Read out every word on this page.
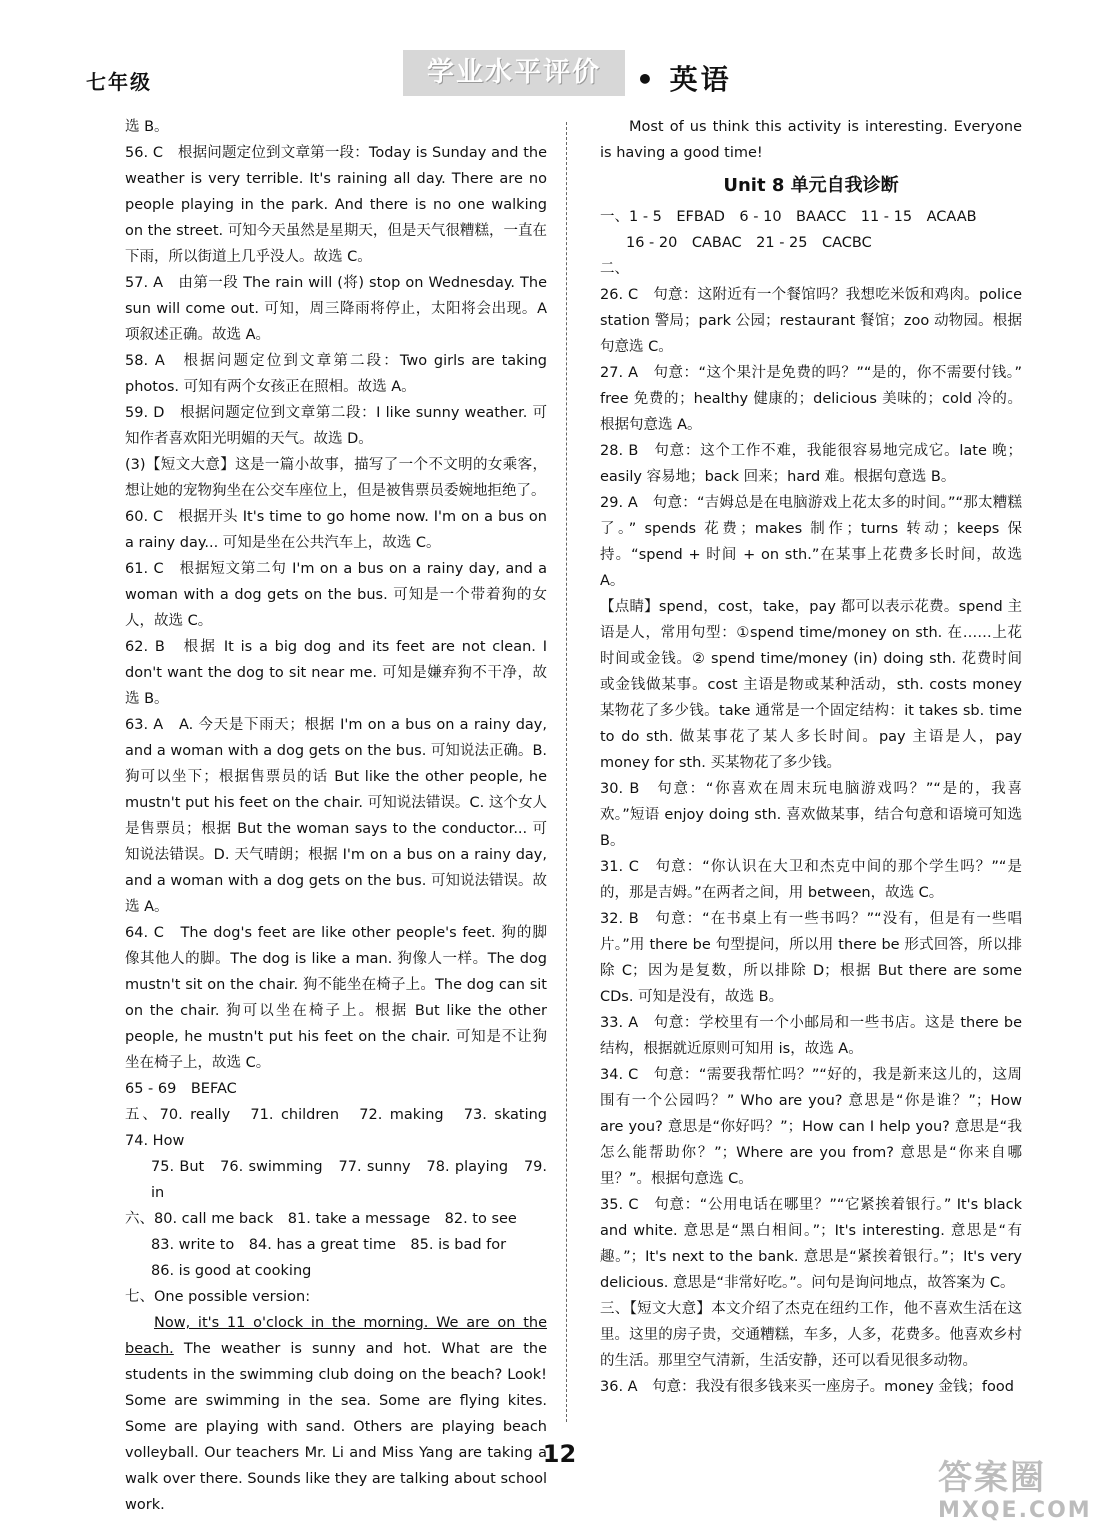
七年级	学业水平评价	• 英语

选 B。

56. C　根据问题定位到文章第一段：Today is Sunday and the weather is very terrible. It's raining all day. There are no people playing in the park. And there is no one walking on the street. 可知今天虽然是星期天，但是天气很糟糕，一直在下雨，所以街道上几乎没人。故选 C。

57. A　由第一段 The rain will (将) stop on Wednesday. The sun will come out. 可知，周三降雨将停止，太阳将会出现。A 项叙述正确。故选 A。

58. A　根据问题定位到文章第二段：Two girls are taking photos. 可知有两个女孩正在照相。故选 A。

59. D　根据问题定位到文章第二段：I like sunny weather. 可知作者喜欢阳光明媚的天气。故选 D。

(3)【短文大意】这是一篇小故事，描写了一个不文明的女乘客，想让她的宠物狗坐在公交车座位上，但是被售票员委婉地拒绝了。

60. C　根据开头 It's time to go home now. I'm on a bus on a rainy day... 可知是坐在公共汽车上，故选 C。

61. C　根据短文第二句 I'm on a bus on a rainy day, and a woman with a dog gets on the bus. 可知是一个带着狗的女人，故选 C。

62. B　根据 It is a big dog and its feet are not clean. I don't want the dog to sit near me. 可知是嫌弃狗不干净，故选 B。

63. A　A. 今天是下雨天；根据 I'm on a bus on a rainy day, and a woman with a dog gets on the bus. 可知说法正确。B. 狗可以坐下；根据售票员的话 But like the other people, he mustn't put his feet on the chair. 可知说法错误。C. 这个女人是售票员；根据 But the woman says to the conductor... 可知说法错误。D. 天气晴朗；根据 I'm on a bus on a rainy day, and a woman with a dog gets on the bus. 可知说法错误。故选 A。

64. C　The dog's feet are like other people's feet. 狗的脚像其他人的脚。The dog is like a man. 狗像人一样。The dog mustn't sit on the chair. 狗不能坐在椅子上。The dog can sit on the chair. 狗可以坐在椅子上。根据 But like the other people, he mustn't put his feet on the chair. 可知是不让狗坐在椅子上，故选 C。

65 - 69　BEFAC

五、70. really　71. children　72. making　73. skating　74. How

75. But　76. swimming　77. sunny　78. playing　79. in

六、80. call me back　81. take a message　82. to see

83. write to　84. has a great time　85. is bad for

86. is good at cooking

七、One possible version:

Now, it's 11 o'clock in the morning. We are on the beach. The weather is sunny and hot. What are the students in the swimming club doing on the beach? Look! Some are swimming in the sea. Some are flying kites. Some are playing with sand. Others are playing beach volleyball. Our teachers Mr. Li and Miss Yang are taking a walk over there. Sounds like they are talking about school work.

Most of us think this activity is interesting. Everyone is having a good time!

Unit 8 单元自我诊断

一、1 - 5　EFBAD　6 - 10　BAACC　11 - 15　ACAAB

16 - 20　CABAC　21 - 25　CACBC

二、

26. C　句意：这附近有一个餐馆吗？我想吃米饭和鸡肉。police station 警局；park 公园；restaurant 餐馆；zoo 动物园。根据句意选 C。

27. A　句意：“这个果汁是免费的吗？”“是的，你不需要付钱。” free 免费的；healthy 健康的；delicious 美味的；cold 冷的。根据句意选 A。

28. B　句意：这个工作不难，我能很容易地完成它。late 晚；easily 容易地；back 回来；hard 难。根据句意选 B。

29. A　句意：“吉姆总是在电脑游戏上花太多的时间。”“那太糟糕了。” spends 花费；makes 制作；turns 转动；keeps 保持。“spend + 时间 + on sth.”在某事上花费多长时间，故选 A。

【点睛】spend，cost，take，pay 都可以表示花费。spend 主语是人，常用句型：①spend time/money on sth. 在……上花时间或金钱。② spend time/money (in) doing sth. 花费时间或金钱做某事。cost 主语是物或某种活动，sth. costs money 某物花了多少钱。take 通常是一个固定结构：it takes sb. time to do sth. 做某事花了某人多长时间。pay 主语是人，pay money for sth. 买某物花了多少钱。

30. B　句意：“你喜欢在周末玩电脑游戏吗？”“是的，我喜欢。”短语 enjoy doing sth. 喜欢做某事，结合句意和语境可知选 B。

31. C　句意：“你认识在大卫和杰克中间的那个学生吗？”“是的，那是吉姆。”在两者之间，用 between，故选 C。

32. B　句意：“在书桌上有一些书吗？”“没有，但是有一些唱片。”用 there be 句型提问，所以用 there be 形式回答，所以排除 C；因为是复数，所以排除 D；根据 But there are some CDs. 可知是没有，故选 B。

33. A　句意：学校里有一个小邮局和一些书店。这是 there be 结构，根据就近原则可知用 is，故选 A。

34. C　句意：“需要我帮忙吗？”“好的，我是新来这儿的，这周围有一个公园吗？” Who are you? 意思是“你是谁？”；How are you? 意思是“你好吗？”；How can I help you? 意思是“我怎么能帮助你？”；Where are you from? 意思是“你来自哪里？”。根据句意选 C。

35. C　句意：“公用电话在哪里？”“它紧挨着银行。” It's black and white. 意思是“黑白相间。”；It's interesting. 意思是“有趣。”；It's next to the bank. 意思是“紧挨着银行。”；It's very delicious. 意思是“非常好吃。”。问句是询问地点，故答案为 C。

三、【短文大意】本文介绍了杰克在纽约工作，他不喜欢生活在这里。这里的房子贵，交通糟糕，车多，人多，花费多。他喜欢乡村的生活。那里空气清新，生活安静，还可以看见很多动物。

36. A　句意：我没有很多钱来买一座房子。money 金钱；food

12
答案圈
MXQE.COM
